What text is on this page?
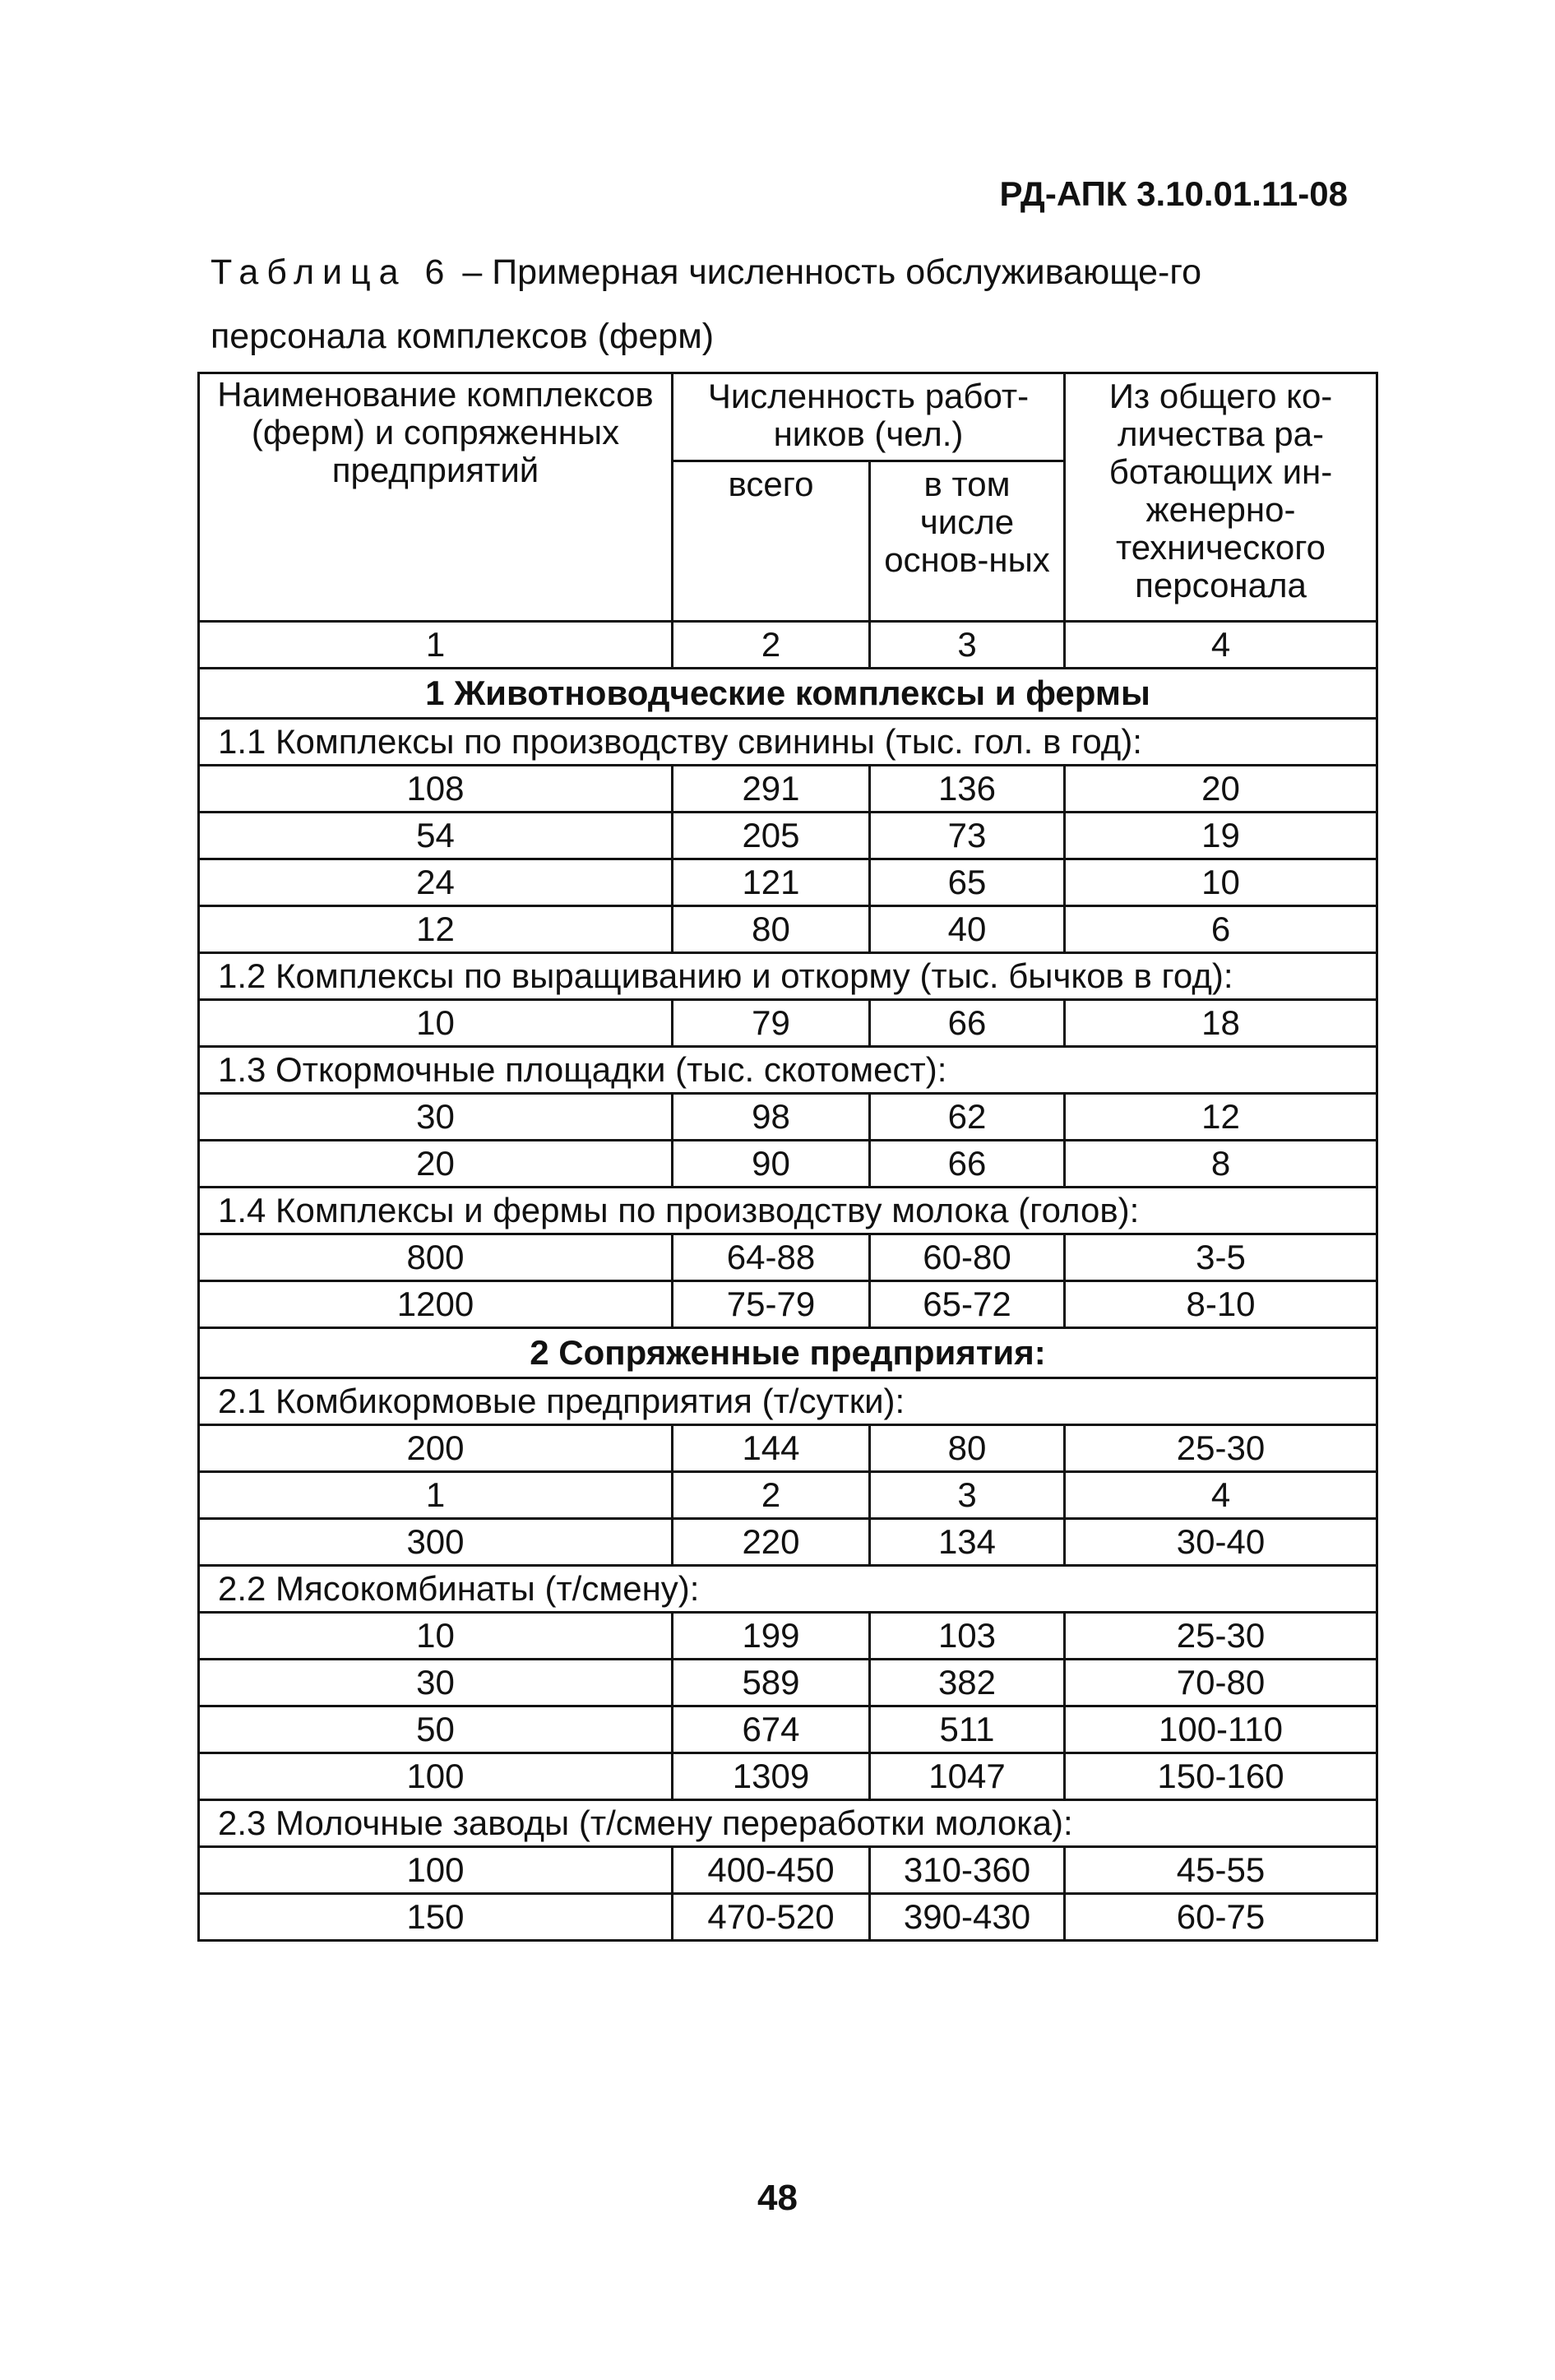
РД-АПК 3.10.01.11-08
Таблица 6 – Примерная численность обслуживающе-го персонала комплексов (ферм)
Наименование комплексов (ферм) и сопряженных предприятий	Численность работ-ников (чел.)		Из общего ко-личества ра-ботающих ин-женерно-технического персонала
	всего	в том числе основ-ных	
1	2	3	4
1 Животноводческие комплексы и фермы			
1.1 Комплексы по производству свинины (тыс. гол. в год):			
108	291	136	20
54	205	73	19
24	121	65	10
12	80	40	6
1.2 Комплексы по выращиванию и откорму (тыс. бычков в год):			
10	79	66	18
1.3 Откормочные площадки (тыс. скотомест):			
30	98	62	12
20	90	66	8
1.4 Комплексы и фермы по производству молока (голов):			
800	64-88	60-80	3-5
1200	75-79	65-72	8-10
2 Сопряженные предприятия:			
2.1 Комбикормовые предприятия (т/сутки):			
200	144	80	25-30
1	2	3	4
300	220	134	30-40
2.2 Мясокомбинаты (т/смену):			
10	199	103	25-30
30	589	382	70-80
50	674	511	100-110
100	1309	1047	150-160
2.3 Молочные заводы (т/смену переработки молока):			
100	400-450	310-360	45-55
150	470-520	390-430	60-75
48
